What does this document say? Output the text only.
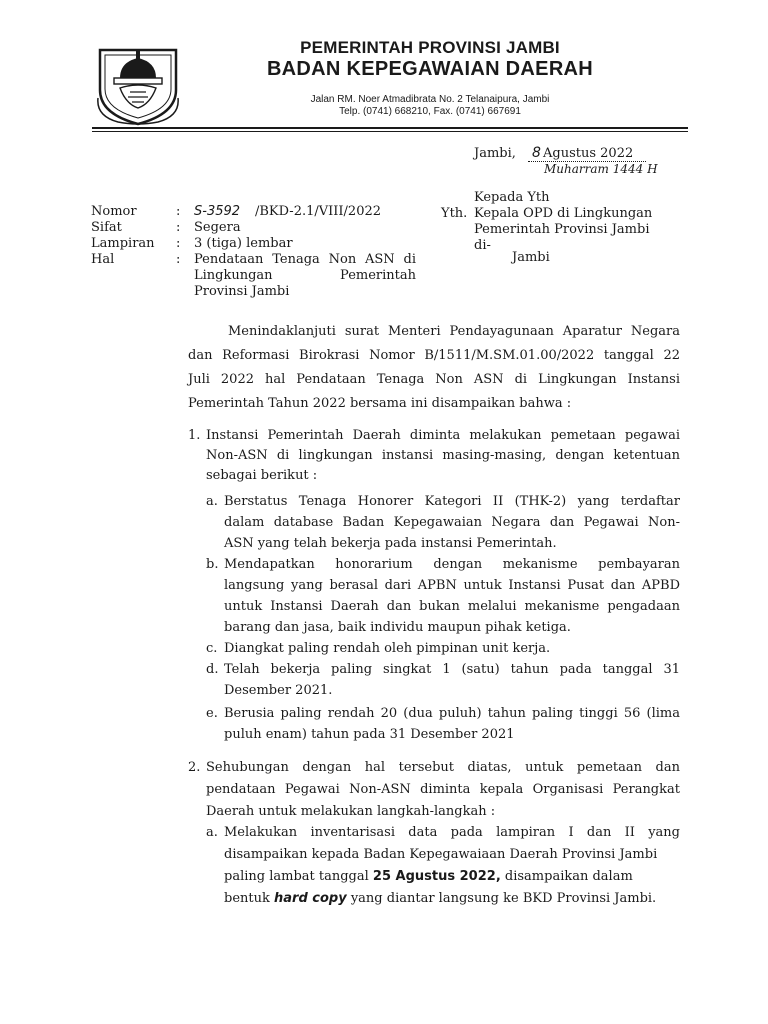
PEMERINTAH PROVINSI JAMBI
BADAN KEPEGAWAIAN DAERAH
Jalan RM. Noer Atmadibrata No. 2 Telanaipura, Jambi
Telp. (0741) 668210, Fax. (0741) 667691
Jambi, 8 Agustus 2022
Muharram 1444 H
Kepada Yth
Yth. Kepala OPD di Lingkungan
Pemerintah Provinsi Jambi
di-
Jambi
Nomor
Sifat
Lampiran
Hal
:
:
:
:
S-3592 /BKD-2.1/VIII/2022
Segera
3 (tiga) lembar
Pendataan Tenaga Non ASN di
Lingkungan Pemerintah
Provinsi Jambi
Menindaklanjuti surat Menteri Pendayagunaan Aparatur Negara
dan Reformasi Birokrasi Nomor B/1511/M.SM.01.00/2022 tanggal 22
Juli 2022 hal Pendataan Tenaga Non ASN di Lingkungan Instansi
Pemerintah Tahun 2022 bersama ini disampaikan bahwa :
1. Instansi Pemerintah Daerah diminta melakukan pemetaan pegawai
Non-ASN di lingkungan instansi masing-masing, dengan ketentuan
sebagai berikut :
a. Berstatus Tenaga Honorer Kategori II (THK-2) yang terdaftar
dalam database Badan Kepegawaian Negara dan Pegawai Non-
ASN yang telah bekerja pada instansi Pemerintah.
b. Mendapatkan honorarium dengan mekanisme pembayaran
langsung yang berasal dari APBN untuk Instansi Pusat dan APBD
untuk Instansi Daerah dan bukan melalui mekanisme pengadaan
barang dan jasa, baik individu maupun pihak ketiga.
c. Diangkat paling rendah oleh pimpinan unit kerja.
d. Telah bekerja paling singkat 1 (satu) tahun pada tanggal 31
Desember 2021.
e. Berusia paling rendah 20 (dua puluh) tahun paling tinggi 56 (lima
puluh enam) tahun pada 31 Desember 2021
2. Sehubungan dengan hal tersebut diatas, untuk pemetaan dan
pendataan Pegawai Non-ASN diminta kepala Organisasi Perangkat
Daerah untuk melakukan langkah-langkah :
a. Melakukan inventarisasi data pada lampiran I dan II yang
disampaikan kepada Badan Kepegawaiaan Daerah Provinsi Jambi
paling lambat tanggal 25 Agustus 2022, disampaikan dalam
bentuk hard copy yang diantar langsung ke BKD Provinsi Jambi.
